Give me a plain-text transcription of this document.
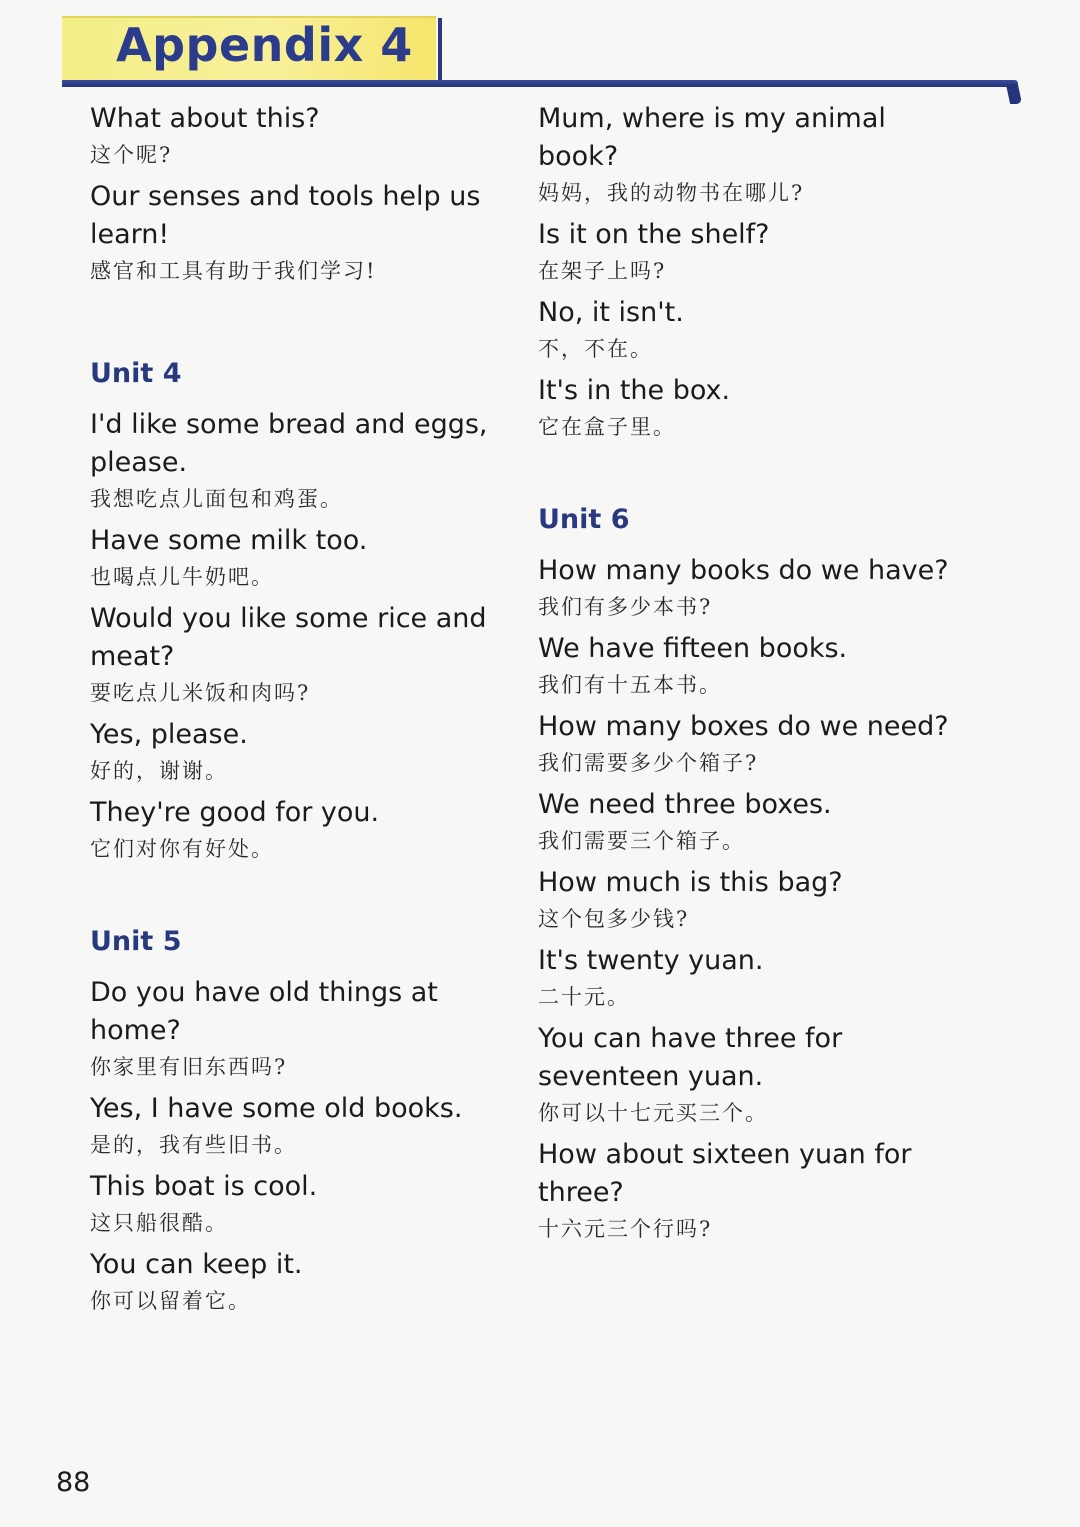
Appendix 4

What about this?

这个呢?

Our senses and tools help us learn!

感官和工具有助于我们学习!

Unit 4

I'd like some bread and eggs, please.

我想吃点儿面包和鸡蛋。

Have some milk too.

也喝点儿牛奶吧。

Would you like some rice and meat?

要吃点儿米饭和肉吗?

Yes, please.

好的，谢谢。

They're good for you.

它们对你有好处。

Unit 5

Do you have old things at home?

你家里有旧东西吗?

Yes, I have some old books.

是的，我有些旧书。

This boat is cool.

这只船很酷。

You can keep it.

你可以留着它。

Mum, where is my animal book?

妈妈，我的动物书在哪儿?

Is it on the shelf?

在架子上吗?

No, it isn't.

不，不在。

It's in the box.

它在盒子里。

Unit 6

How many books do we have?

我们有多少本书?

We have fifteen books.

我们有十五本书。

How many boxes do we need?

我们需要多少个箱子?

We need three boxes.

我们需要三个箱子。

How much is this bag?

这个包多少钱?

It's twenty yuan.

二十元。

You can have three for seventeen yuan.

你可以十七元买三个。

How about sixteen yuan for three?

十六元三个行吗?

88
